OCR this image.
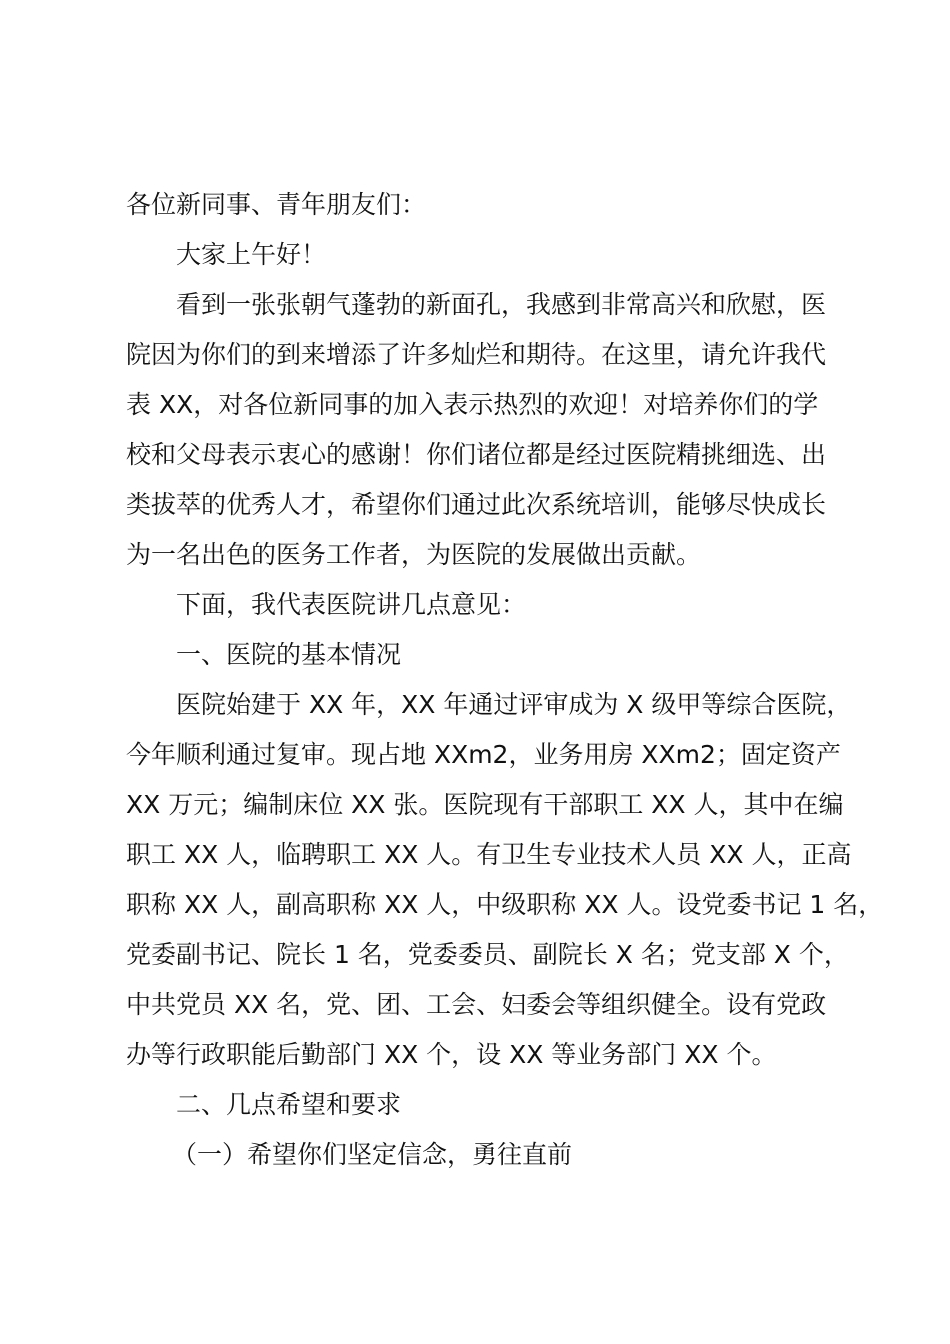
各位新同事、青年朋友们：
大家上午好！
看到一张张朝气蓬勃的新面孔，我感到非常高兴和欣慰，医
院因为你们的到来增添了许多灿烂和期待。在这里，请允许我代
表 XX，对各位新同事的加入表示热烈的欢迎！对培养你们的学
校和父母表示衷心的感谢！你们诸位都是经过医院精挑细选、出
类拔萃的优秀人才，希望你们通过此次系统培训，能够尽快成长
为一名出色的医务工作者，为医院的发展做出贡献。
下面，我代表医院讲几点意见：
一、医院的基本情况
医院始建于 XX 年，XX 年通过评审成为 X 级甲等综合医院，
今年顺利通过复审。现占地 XXm2，业务用房 XXm2；固定资产
XX 万元；编制床位 XX 张。医院现有干部职工 XX 人，其中在编
职工 XX 人，临聘职工 XX 人。有卫生专业技术人员 XX 人，正高
职称 XX 人，副高职称 XX 人，中级职称 XX 人。设党委书记 1 名，
党委副书记、院长 1 名，党委委员、副院长 X 名；党支部 X 个，
中共党员 XX 名，党、团、工会、妇委会等组织健全。设有党政
办等行政职能后勤部门 XX 个，设 XX 等业务部门 XX 个。
二、几点希望和要求
（一）希望你们坚定信念，勇往直前
